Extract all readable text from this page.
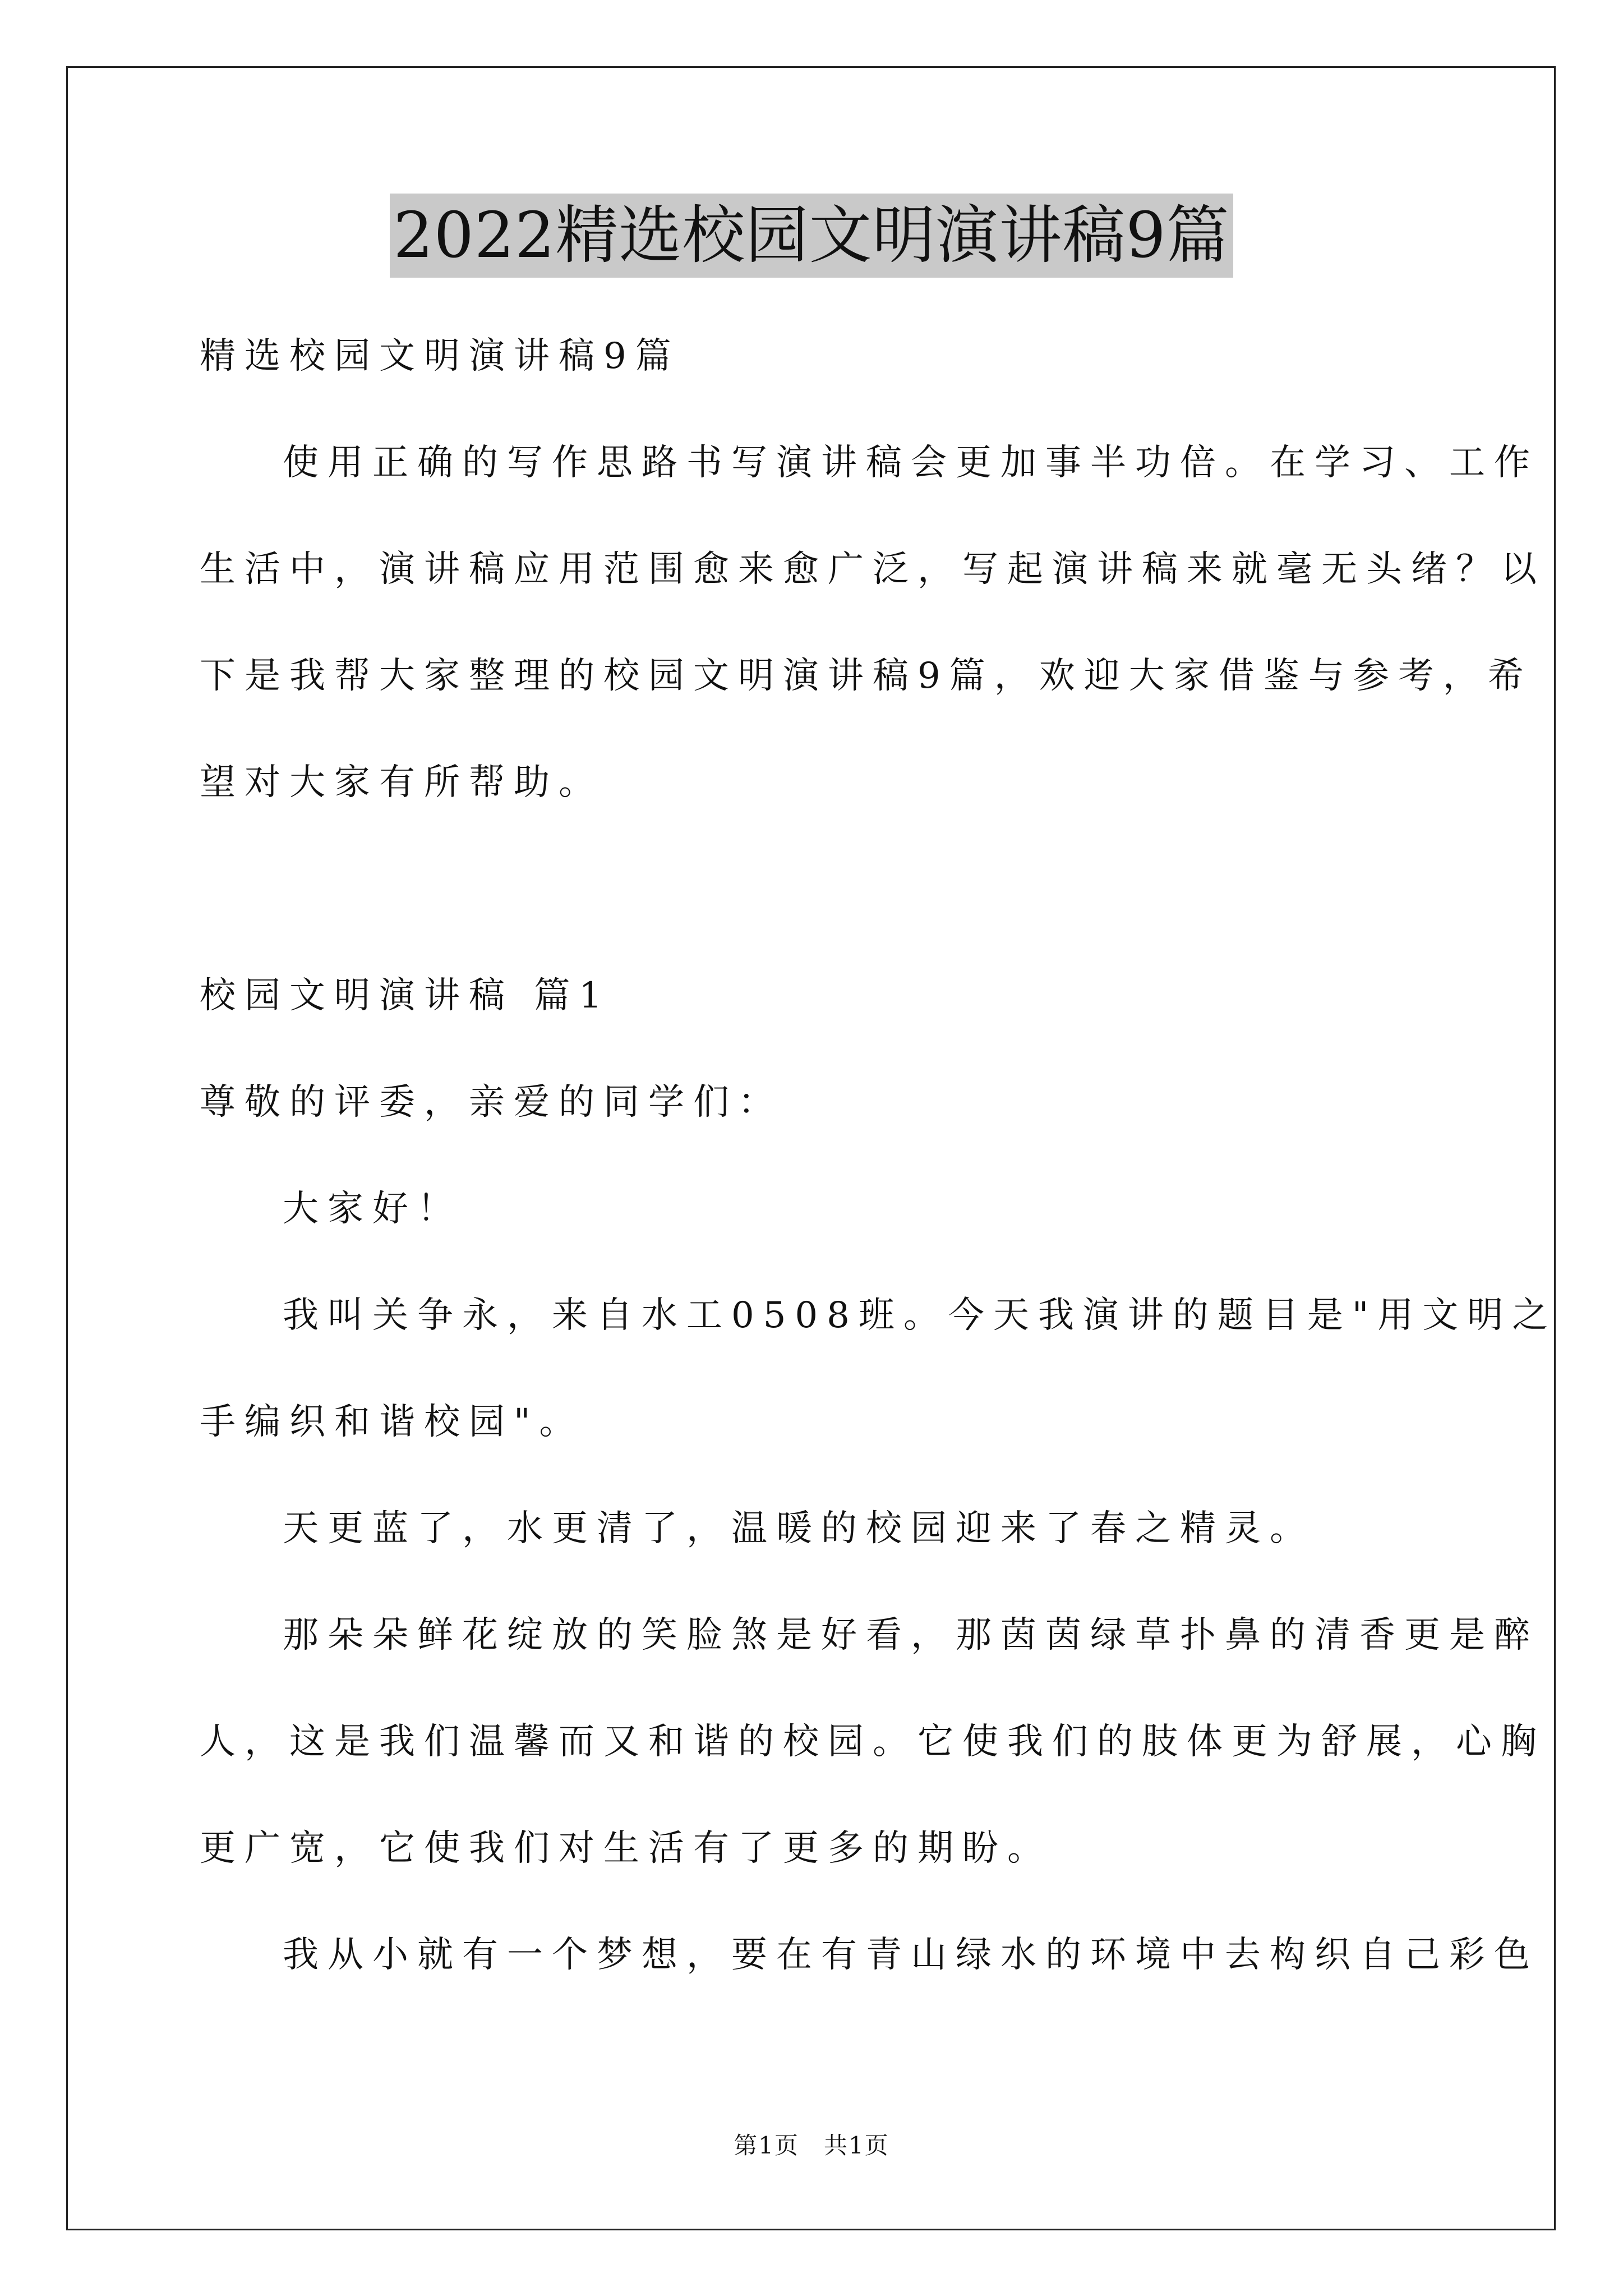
2022精选校园文明演讲稿9篇

精选校园文明演讲稿9篇

使用正确的写作思路书写演讲稿会更加事半功倍。在学习、工作

生活中，演讲稿应用范围愈来愈广泛，写起演讲稿来就毫无头绪？以

下是我帮大家整理的校园文明演讲稿9篇，欢迎大家借鉴与参考，希

望对大家有所帮助。

校园文明演讲稿 篇1

尊敬的评委，亲爱的同学们：

大家好！

我叫关争永，来自水工0508班。今天我演讲的题目是"用文明之

手编织和谐校园"。

天更蓝了，水更清了，温暖的校园迎来了春之精灵。

那朵朵鲜花绽放的笑脸煞是好看，那茵茵绿草扑鼻的清香更是醉

人，这是我们温馨而又和谐的校园。它使我们的肢体更为舒展，心胸

更广宽，它使我们对生活有了更多的期盼。

我从小就有一个梦想，要在有青山绿水的环境中去构织自己彩色

第1页　共1页
